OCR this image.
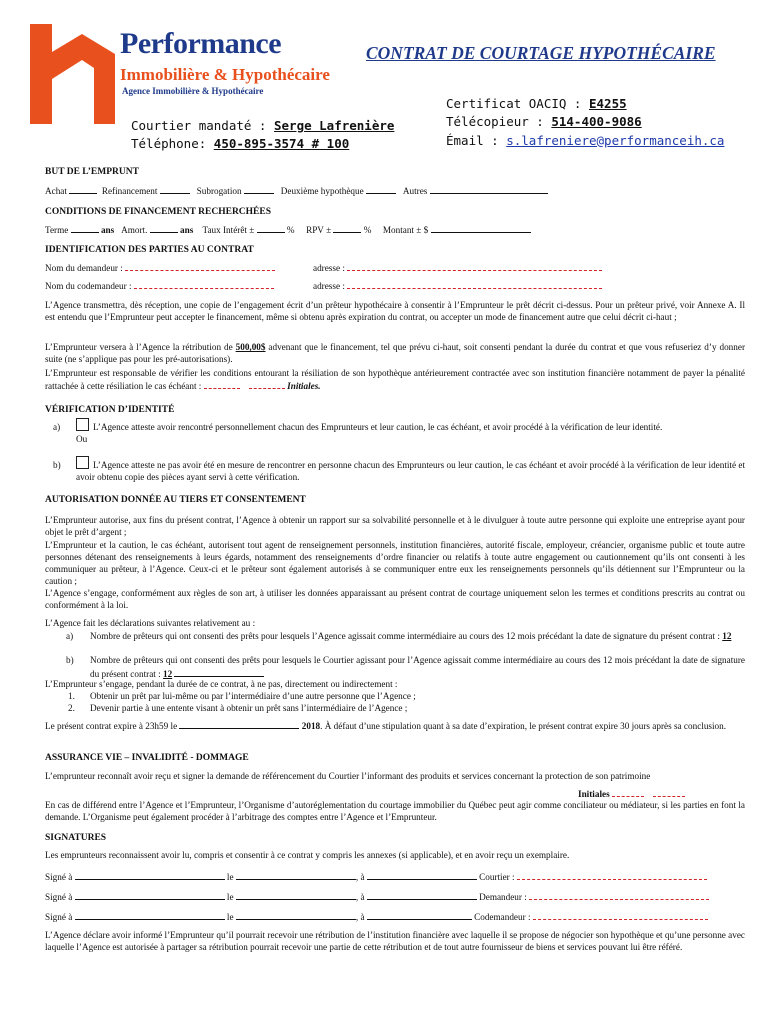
Performance
Immobilière & Hypothécaire
Agence Immobilière & Hypothécaire
CONTRAT DE COURTAGE HYPOTHÉCAIRE
Certificat OACIQ : E4255
Télécopieur : 514-400-9086
Émail : s.lafreniere@performanceih.ca
Courtier mandaté : Serge Lafrenière
Téléphone: 450-895-3574 # 100
BUT DE L’EMPRUNT
Achat	Refinancement	Subrogation	Deuxième hypothèque	Autres
CONDITIONS DE FINANCEMENT RECHERCHÉES
Terme	ans Amort.	ans Taux Intérêt ±	% RPV ±	% Montant ± $
IDENTIFICATION DES PARTIES AU CONTRAT
Nom du demandeur :	adresse :
Nom du codemandeur :	adresse :
L’Agence transmettra, dès réception, une copie de l’engagement écrit d’un prêteur hypothécaire à consentir à l’Emprunteur le prêt décrit ci-dessus. Pour un prêteur privé, voir Annexe A. Il est entendu que l’Emprunteur peut accepter le financement, même si obtenu après expiration du contrat, ou accepter un mode de financement autre que celui décrit ci-haut ;
L’Emprunteur versera à l’Agence la rétribution de 500,00$ advenant que le financement, tel que prévu ci-haut, soit consenti pendant la durée du contrat et que vous refuseriez d’y donner suite (ne s’applique pas pour les pré-autorisations).
L’Emprunteur est responsable de vérifier les conditions entourant la résiliation de son hypothèque antérieurement contractée avec son institution financière notamment de payer la pénalité rattachée à cette résiliation le cas échéant :	Initiales.
VÉRIFICATION D’IDENTITÉ
a)	L’Agence atteste avoir rencontré personnellement chacun des Emprunteurs et leur caution, le cas échéant, et avoir procédé à la vérification de leur identité.
Ou
b)	L’Agence atteste ne pas avoir été en mesure de rencontrer en personne chacun des Emprunteurs ou leur caution, le cas échéant et avoir procédé à la vérification de leur identité et avoir obtenu copie des pièces ayant servi à cette vérification.
AUTORISATION DONNÉE AU TIERS ET CONSENTEMENT
L’Emprunteur autorise, aux fins du présent contrat, l’Agence à obtenir un rapport sur sa solvabilité personnelle et à le divulguer à toute autre personne qui exploite une entreprise ayant pour objet le prêt d’argent ;
L’Emprunteur et la caution, le cas échéant, autorisent tout agent de renseignement personnels, institution financières, autorité fiscale, employeur, créancier, organisme public et toute autre personnes détenant des renseignements à leurs égards, notamment des renseignements d’ordre financier ou relatifs à toute autre engagement ou cautionnement qu’ils ont consenti à les communiquer au prêteur, à l’Agence. Ceux-ci et le prêteur sont également autorisés à se communiquer entre eux les renseignements personnels qu’ils détiennent sur l’Emprunteur ou la caution ;
L’Agence s’engage, conformément aux règles de son art, à utiliser les données apparaissant au présent contrat de courtage uniquement selon les termes et conditions prescrits au contrat ou conformément à la loi.
L’Agence fait les déclarations suivantes relativement au :
a) Nombre de prêteurs qui ont consenti des prêts pour lesquels l’Agence agissait comme intermédiaire au cours des 12 mois précédant la date de signature du présent contrat : 12
b) Nombre de prêteurs qui ont consenti des prêts pour lesquels le Courtier agissant pour l’Agence agissait comme intermédiaire au cours des 12 mois précédant la date de signature du présent contrat : 12
L’Emprunteur s’engage, pendant la durée de ce contrat, à ne pas, directement ou indirectement :
1. Obtenir un prêt par lui-même ou par l’intermédiaire d’une autre personne que l’Agence ;
2. Devenir partie à une entente visant à obtenir un prêt sans l’intermédiaire de l’Agence ;
Le présent contrat expire à 23h59 le	2018. À défaut d’une stipulation quant à sa date d’expiration, le présent contrat expire 30 jours après sa conclusion.
ASSURANCE VIE – INVALIDITÉ - DOMMAGE
L’emprunteur reconnaît avoir reçu et signer la demande de référencement du Courtier l’informant des produits et services concernant la protection de son patrimoine
Initiales
En cas de différend entre l’Agence et l’Emprunteur, l’Organisme d’autoréglementation du courtage immobilier du Québec peut agir comme conciliateur ou médiateur, si les parties en font la demande. L’Organisme peut également procéder à l’arbitrage des comptes entre l’Agence et l’Emprunteur.
SIGNATURES
Les emprunteurs reconnaissent avoir lu, compris et consentir à ce contrat y compris les annexes (si applicable), et en avoir reçu un exemplaire.
Signé à	le	, à	Courtier :
Signé à	le	, à	Demandeur :
Signé à	le	, à	Codemandeur :
L’Agence déclare avoir informé l’Emprunteur qu’il pourrait recevoir une rétribution de l’institution financière avec laquelle il se propose de négocier son hypothèque et qu’une personne avec laquelle l’Agence est autorisée à partager sa rétribution pourrait recevoir une partie de cette rétribution et de tout autre fournisseur de biens et services pouvant lui être référé.
